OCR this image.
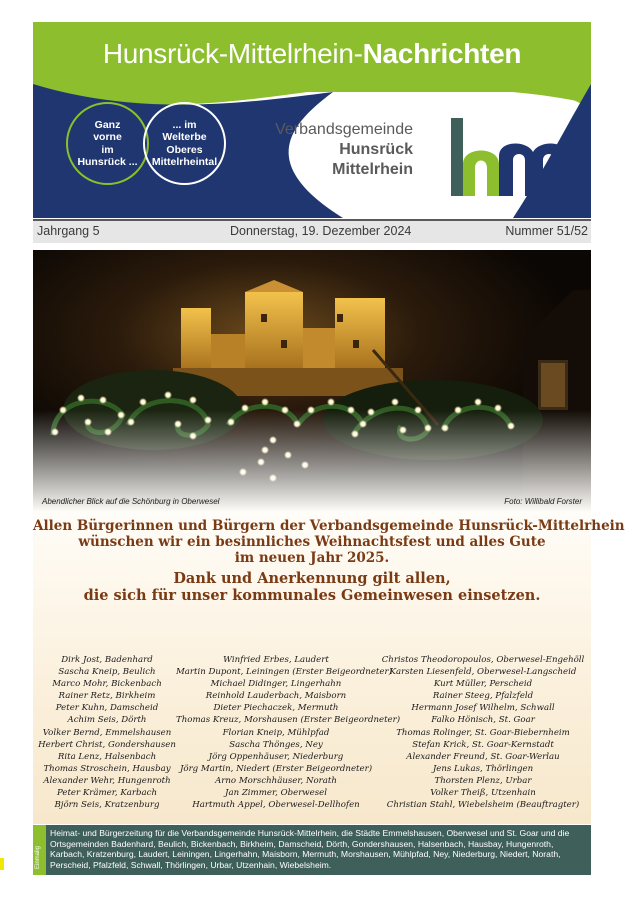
Hunsrück-Mittelrhein-Nachrichten
Ganz
vorne
im
Hunsrück ...
... im
Welterbe
Oberes
Mittelrheintal
Verbandsgemeinde
Hunsrück
Mittelrhein
Jahrgang 5	Donnerstag, 19. Dezember 2024	Nummer 51/52
Abendlicher Blick auf die Schönburg in Oberwesel	Foto: Willibald Forster
Allen Bürgerinnen und Bürgern der Verbandsgemeinde Hunsrück-Mittelrhein
wünschen wir ein besinnliches Weihnachtsfest und alles Gute
im neuen Jahr 2025.
Dank und Anerkennung gilt allen,
die sich für unser kommunales Gemeinwesen einsetzen.
Dirk Jost, Badenhard
Sascha Kneip, Beulich
Marco Mohr, Bickenbach
Rainer Retz, Birkheim
Peter Kuhn, Damscheid
Achim Seis, Dörth
Volker Bernd, Emmelshausen
Herbert Christ, Gondershausen
Rita Lenz, Halsenbach
Thomas Stroschein, Hausbay
Alexander Wehr, Hungenroth
Peter Krämer, Karbach
Björn Seis, Kratzenburg
Winfried Erbes, Laudert
Martin Dupont, Leiningen (Erster Beigeordneter)
Michael Didinger, Lingerhahn
Reinhold Lauderbach, Maisborn
Dieter Piechaczek, Mermuth
Thomas Kreuz, Morshausen (Erster Beigeordneter)
Florian Kneip, Mühlpfad
Sascha Thönges, Ney
Jörg Oppenhäuser, Niederburg
Jörg Martin, Niedert (Erster Beigeordneter)
Arno Morschhäuser, Norath
Jan Zimmer, Oberwesel
Hartmuth Appel, Oberwesel-Dellhofen
Christos Theodoropoulos, Oberwesel-Engehöll
Karsten Liesenfeld, Oberwesel-Langscheid
Kurt Müller, Perscheid
Rainer Steeg, Pfalzfeld
Hermann Josef Wilhelm, Schwall
Falko Hönisch, St. Goar
Thomas Rolinger, St. Goar-Biebernheim
Stefan Krick, St. Goar-Kernstadt
Alexander Freund, St. Goar-Werlau
Jens Lukas, Thörlingen
Thorsten Plenz, Urbar
Volker Theiß, Utzenhain
Christian Stahl, Wiebelsheim (Beauftragter)
Einmalig
Heimat- und Bürgerzeitung für die Verbandsgemeinde Hunsrück-Mittelrhein, die Städte Emmelshausen, Oberwesel und St. Goar und die Ortsgemeinden Badenhard, Beulich, Bickenbach, Birkheim, Damscheid, Dörth, Gondershausen, Halsenbach, Hausbay, Hungenroth, Karbach, Kratzenburg, Laudert, Leiningen, Lingerhahn, Maisborn, Mermuth, Morshausen, Mühlpfad, Ney, Niederburg, Niedert, Norath, Perscheid, Pfalzfeld, Schwall, Thörlingen, Urbar, Utzenhain, Wiebelsheim.
